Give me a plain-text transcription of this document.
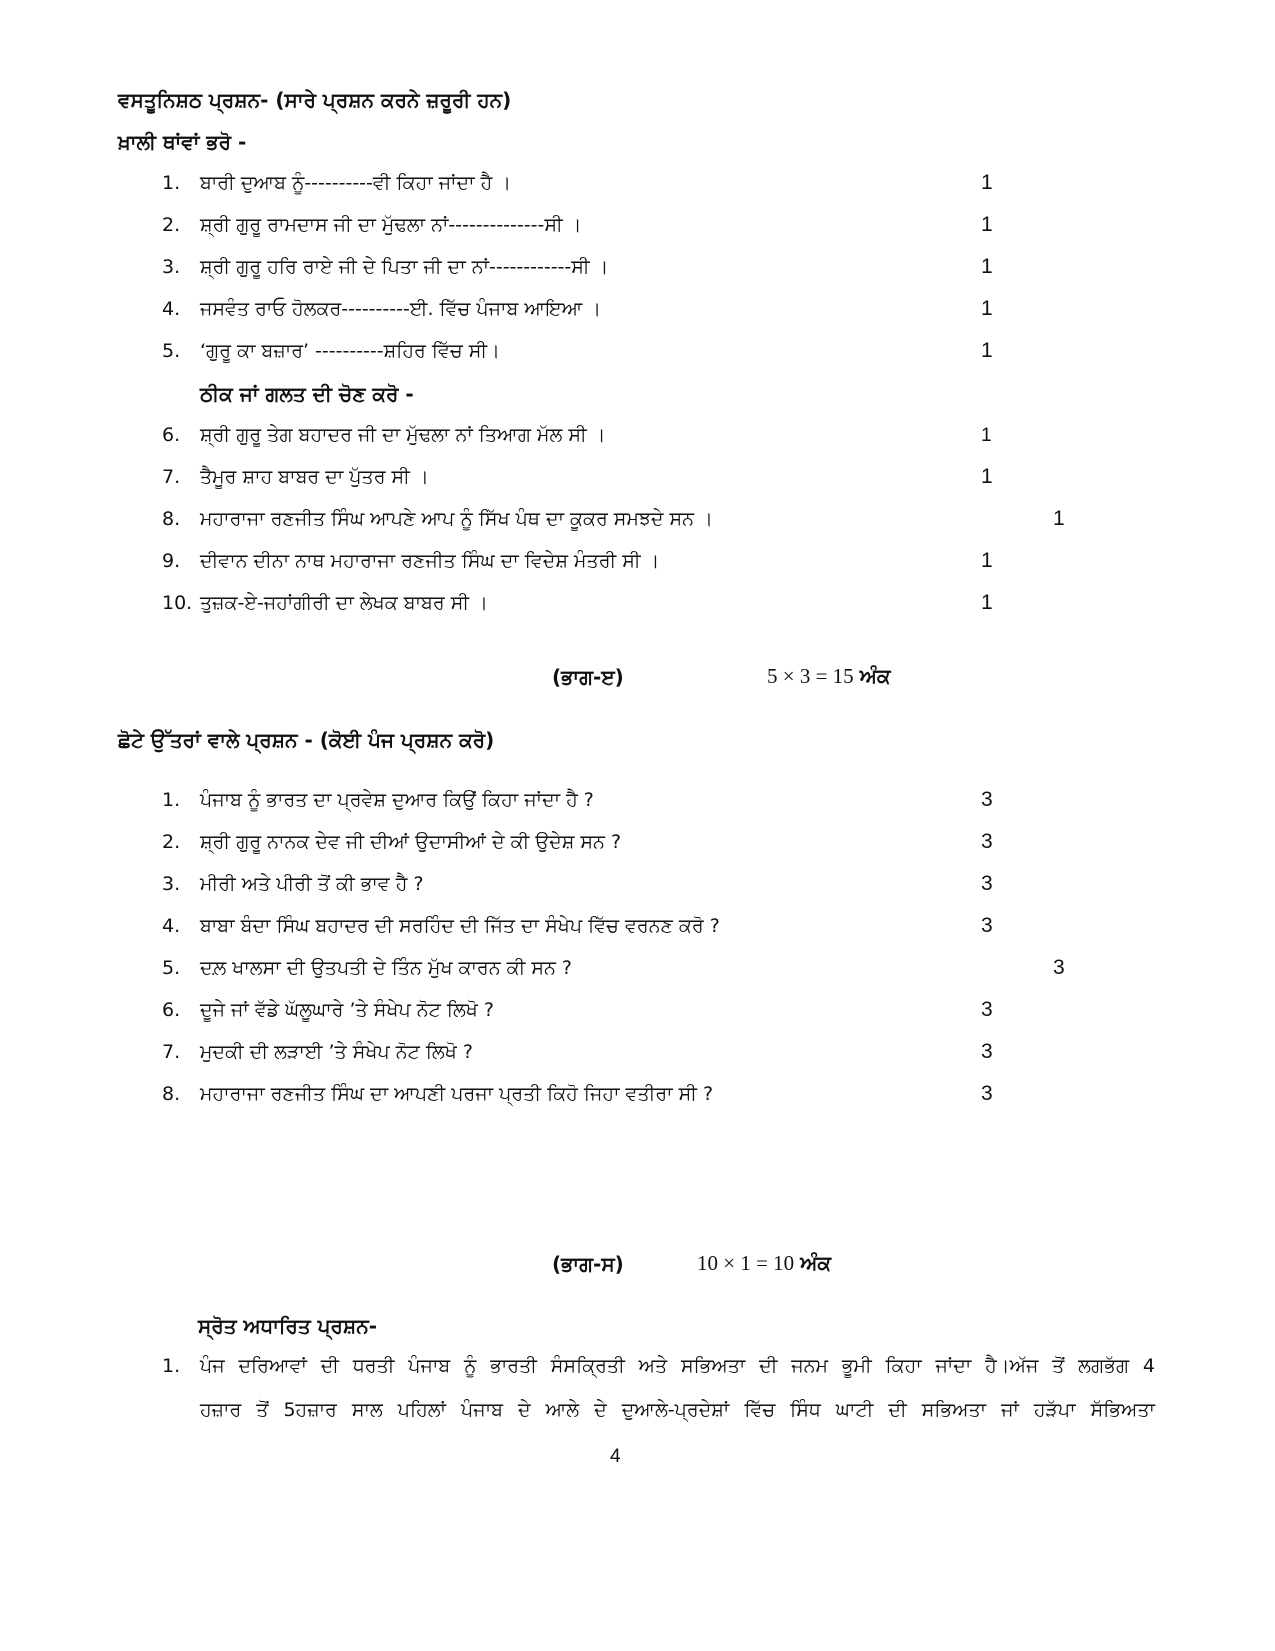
ਵਸਤੂਨਿਸ਼ਠ ਪ੍ਰਸ਼ਨ- (ਸਾਰੇ ਪ੍ਰਸ਼ਨ ਕਰਨੇ ਜ਼ਰੂਰੀ ਹਨ)
ਖ਼ਾਲੀ ਥਾਂਵਾਂ ਭਰੋ -
1.	ਬਾਰੀ ਦੁਆਬ ਨੂੰ----------ਵੀ ਕਿਹਾ ਜਾਂਦਾ ਹੈ ।	1
2.	ਸ਼੍ਰੀ ਗੁਰੂ ਰਾਮਦਾਸ ਜੀ ਦਾ ਮੁੱਢਲਾ ਨਾਂ--------------ਸੀ ।	1
3.	ਸ਼੍ਰੀ ਗੁਰੂ ਹਰਿ ਰਾਏ ਜੀ ਦੇ ਪਿਤਾ ਜੀ ਦਾ ਨਾਂ------------ਸੀ ।	1
4.	ਜਸਵੰਤ ਰਾਓ ਹੋਲਕਰ----------ਈ. ਵਿੱਚ ਪੰਜਾਬ ਆਇਆ ।	1
5.	‘ਗੁਰੂ ਕਾ ਬਜ਼ਾਰ’ ----------ਸ਼ਹਿਰ ਵਿੱਚ ਸੀ।	1
ਠੀਕ ਜਾਂ ਗਲਤ ਦੀ ਚੋਣ ਕਰੋ -
6.	ਸ਼੍ਰੀ ਗੁਰੂ ਤੇਗ ਬਹਾਦਰ ਜੀ ਦਾ ਮੁੱਢਲਾ ਨਾਂ ਤਿਆਗ ਮੱਲ ਸੀ ।	1
7.	ਤੈਮੂਰ ਸ਼ਾਹ ਬਾਬਰ ਦਾ ਪੁੱਤਰ ਸੀ ।	1
8.	ਮਹਾਰਾਜਾ ਰਣਜੀਤ ਸਿੰਘ ਆਪਣੇ ਆਪ ਨੂੰ ਸਿੱਖ ਪੰਥ ਦਾ ਕੂਕਰ ਸਮਝਦੇ ਸਨ ।	1
9.	ਦੀਵਾਨ ਦੀਨਾ ਨਾਥ ਮਹਾਰਾਜਾ ਰਣਜੀਤ ਸਿੰਘ ਦਾ ਵਿਦੇਸ਼ ਮੰਤਰੀ ਸੀ ।	1
10. ਤੁਜ਼ਕ-ਏ-ਜਹਾਂਗੀਰੀ ਦਾ ਲੇਖਕ ਬਾਬਰ ਸੀ ।	1
(ਭਾਗ-ੲ)	5 × 3 = 15 ਅੰਕ
ਛੋਟੇ ਉੱਤਰਾਂ ਵਾਲੇ ਪ੍ਰਸ਼ਨ - (ਕੋਈ ਪੰਜ ਪ੍ਰਸ਼ਨ ਕਰੋ)
1.	ਪੰਜਾਬ ਨੂੰ ਭਾਰਤ ਦਾ ਪ੍ਰਵੇਸ਼ ਦੁਆਰ ਕਿਉਂ ਕਿਹਾ ਜਾਂਦਾ ਹੈ ?	3
2.	ਸ਼੍ਰੀ ਗੁਰੂ ਨਾਨਕ ਦੇਵ ਜੀ ਦੀਆਂ ਉਦਾਸੀਆਂ ਦੇ ਕੀ ਉਦੇਸ਼ ਸਨ ?	3
3.	ਮੀਰੀ ਅਤੇ ਪੀਰੀ ਤੋਂ ਕੀ ਭਾਵ ਹੈ ?	3
4.	ਬਾਬਾ ਬੰਦਾ ਸਿੰਘ ਬਹਾਦਰ ਦੀ ਸਰਹਿੰਦ ਦੀ ਜਿੱਤ ਦਾ ਸੰਖੇਪ ਵਿੱਚ ਵਰਨਣ ਕਰੋ ?	3
5.	ਦਲ਼ ਖਾਲਸਾ ਦੀ ਉਤਪਤੀ ਦੇ ਤਿੰਨ ਮੁੱਖ ਕਾਰਨ ਕੀ ਸਨ ?	3
6.	ਦੂਜੇ ਜਾਂ ਵੱਡੇ ਘੱਲੂਘਾਰੇ ’ਤੇ ਸੰਖੇਪ ਨੋਟ ਲਿਖੋ ?	3
7.	ਮੁਦਕੀ ਦੀ ਲੜਾਈ ’ਤੇ ਸੰਖੇਪ ਨੋਟ ਲਿਖੋ ?	3
8.	ਮਹਾਰਾਜਾ ਰਣਜੀਤ ਸਿੰਘ ਦਾ ਆਪਣੀ ਪਰਜਾ ਪ੍ਰਤੀ ਕਿਹੋ ਜਿਹਾ ਵਤੀਰਾ ਸੀ ?	3
(ਭਾਗ-ਸ)	10 × 1 = 10 ਅੰਕ
ਸ੍ਰੋਤ ਅਧਾਰਿਤ ਪ੍ਰਸ਼ਨ-
1.	ਪੰਜ ਦਰਿਆਵਾਂ ਦੀ ਧਰਤੀ ਪੰਜਾਬ ਨੂੰ ਭਾਰਤੀ ਸੰਸਕ੍ਰਿਤੀ ਅਤੇ ਸਭਿਅਤਾ ਦੀ ਜਨਮ ਭੂਮੀ ਕਿਹਾ ਜਾਂਦਾ ਹੈ।ਅੱਜ ਤੋਂ ਲਗਭੱਗ 4
ਹਜ਼ਾਰ ਤੋਂ 5ਹਜ਼ਾਰ ਸਾਲ ਪਹਿਲਾਂ ਪੰਜਾਬ ਦੇ ਆਲੇ ਦੇ ਦੁਆਲੇ-ਪ੍ਰਦੇਸ਼ਾਂ ਵਿੱਚ ਸਿੰਧ ਘਾਟੀ ਦੀ ਸਭਿਅਤਾ ਜਾਂ ਹੜੱਪਾ ਸੱਭਿਅਤਾ
4
